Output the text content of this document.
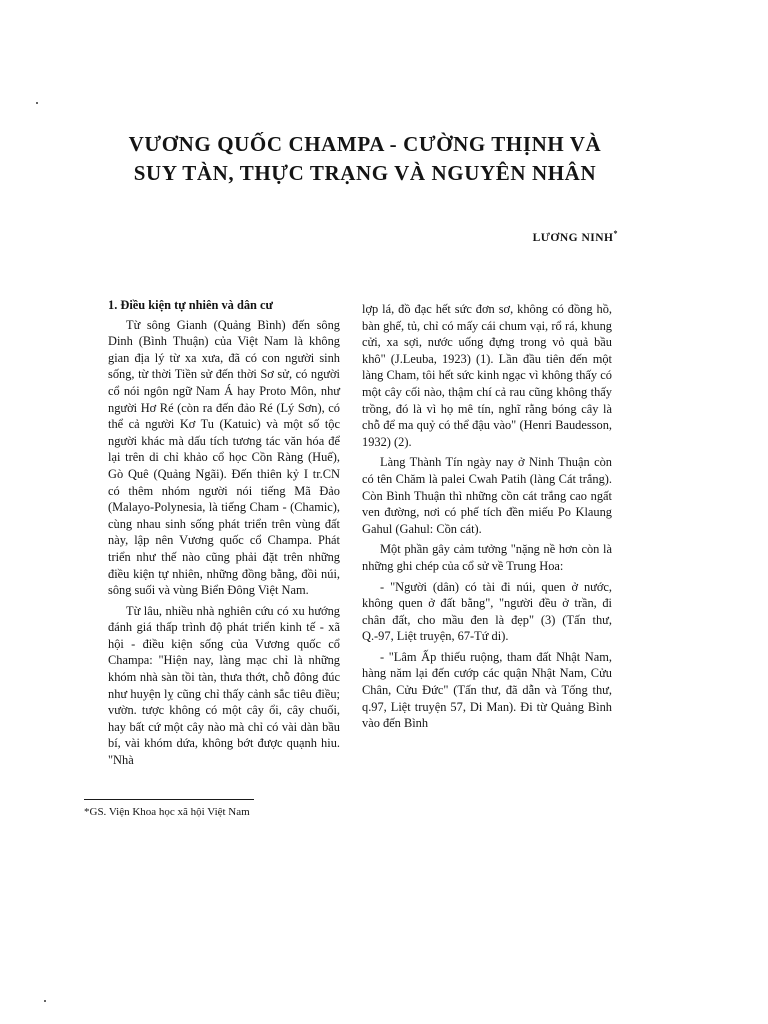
VƯƠNG QUỐC CHAMPA - CƯỜNG THỊNH VÀ
SUY TÀN, THỰC TRẠNG VÀ NGUYÊN NHÂN
LƯƠNG NINH*
1. Điều kiện tự nhiên và dân cư

Từ sông Gianh (Quảng Bình) đến sông Dinh (Bình Thuận) của Việt Nam là không gian địa lý từ xa xưa, đã có con người sinh sống, từ thời Tiền sử đến thời Sơ sử, có người cổ nói ngôn ngữ Nam Á hay Proto Môn, như người Hơ Ré (còn ra đến đảo Ré (Lý Sơn), có thể cả người Kơ Tu (Katuic) và một số tộc người khác mà dấu tích tương tác văn hóa để lại trên di chỉ khảo cổ học Cồn Ràng (Huế), Gò Quê (Quảng Ngãi). Đến thiên kỷ I tr.CN có thêm nhóm người nói tiếng Mã Đảo (Malayo-Polynesia, là tiếng Cham - (Chamic), cùng nhau sinh sống phát triển trên vùng đất này, lập nên Vương quốc cổ Champa. Phát triển như thế nào cũng phải đặt trên những điều kiện tự nhiên, những đồng bằng, đồi núi, sông suối và vùng Biển Đông Việt Nam.

Từ lâu, nhiều nhà nghiên cứu có xu hướng đánh giá thấp trình độ phát triển kinh tế - xã hội - điều kiện sống của Vương quốc cổ Champa: "Hiện nay, làng mạc chỉ là những khóm nhà sàn tồi tàn, thưa thớt, chỗ đông đúc như huyện lỵ cũng chỉ thấy cảnh sắc tiêu điều; vườn. tược không có một cây ổi, cây chuối, hay bất cứ một cây nào mà chỉ có vài dàn bầu bí, vài khóm dứa, không bớt được quạnh hiu. "Nhà

lợp lá, đồ đạc hết sức đơn sơ, không có đồng hồ, bàn ghế, tủ, chỉ có mấy cái chum vại, rổ rá, khung cửi, xa sợi, nước uống đựng trong vỏ quả bầu khô" (J.Leuba, 1923) (1). Lần đầu tiên đến một làng Cham, tôi hết sức kinh ngạc vì không thấy có một cây cối nào, thậm chí cả rau cũng không thấy trồng, đó là vì họ mê tín, nghĩ rằng bóng cây là chỗ để ma quỷ có thể đậu vào" (Henri Baudesson, 1932) (2).

Làng Thành Tín ngày nay ở Ninh Thuận còn có tên Chăm là palei Cwah Patih (làng Cát trắng). Còn Bình Thuận thì những cồn cát trắng cao ngất ven đường, nơi có phế tích đền miếu Po Klaung Gahul (Gahul: Cồn cát).

Một phần gây cảm tưởng "nặng nề hơn còn là những ghi chép của cổ sử về Trung Hoa:

- "Người (dân) có tài đi núi, quen ở nước, không quen ở đất bằng", "người đều ở trần, đi chân đất, cho mầu đen là đẹp" (3) (Tấn thư, Q.-97, Liệt truyện, 67-Tứ di).

- "Lâm Ấp thiếu ruộng, tham đất Nhật Nam, hàng năm lại đến cướp các quận Nhật Nam, Cửu Chân, Cửu Đức" (Tấn thư, đã dẫn và Tống thư, q.97, Liệt truyện 57, Di Man). Đi từ Quảng Bình vào đến Bình

*GS. Viện Khoa học xã hội Việt Nam
